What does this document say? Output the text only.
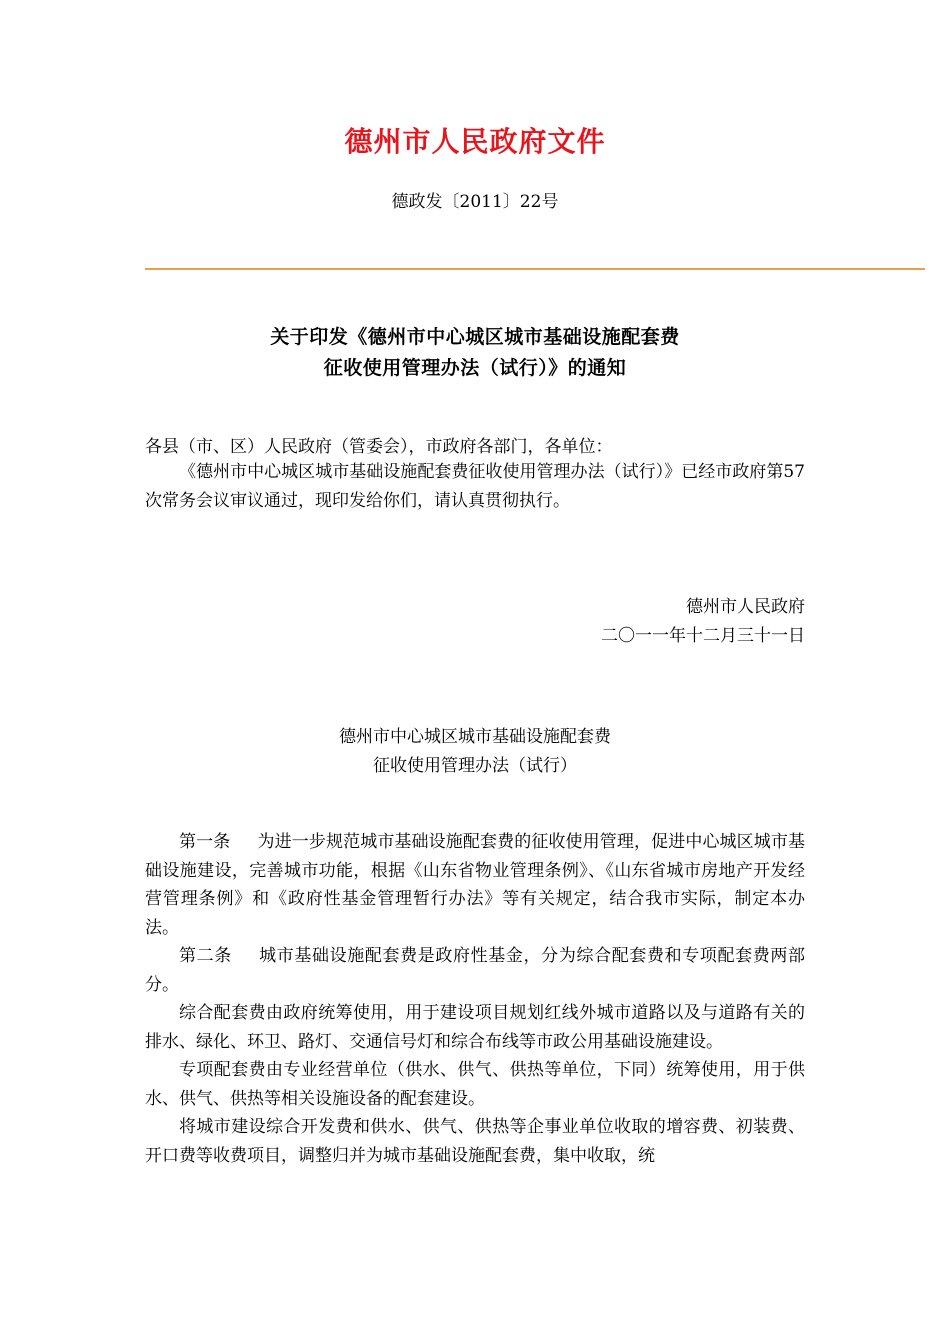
德州市人民政府文件
德政发〔2011〕22号
关于印发《德州市中心城区城市基础设施配套费
征收使用管理办法（试行）》的通知
各县（市、区）人民政府（管委会），市政府各部门，各单位：

《德州市中心城区城市基础设施配套费征收使用管理办法（试行）》已经市政府第57次常务会议审议通过，现印发给你们，请认真贯彻执行。

德州市人民政府
二〇一一年十二月三十一日
德州市中心城区城市基础设施配套费
征收使用管理办法（试行）

第一条 为进一步规范城市基础设施配套费的征收使用管理，促进中心城区城市基础设施建设，完善城市功能，根据《山东省物业管理条例》、《山东省城市房地产开发经营管理条例》和《政府性基金管理暂行办法》等有关规定，结合我市实际，制定本办法。

第二条 城市基础设施配套费是政府性基金，分为综合配套费和专项配套费两部分。

综合配套费由政府统筹使用，用于建设项目规划红线外城市道路以及与道路有关的排水、绿化、环卫、路灯、交通信号灯和综合布线等市政公用基础设施建设。

专项配套费由专业经营单位（供水、供气、供热等单位，下同）统筹使用，用于供水、供气、供热等相关设施设备的配套建设。

将城市建设综合开发费和供水、供气、供热等企事业单位收取的增容费、初装费、开口费等收费项目，调整归并为城市基础设施配套费，集中收取，统
